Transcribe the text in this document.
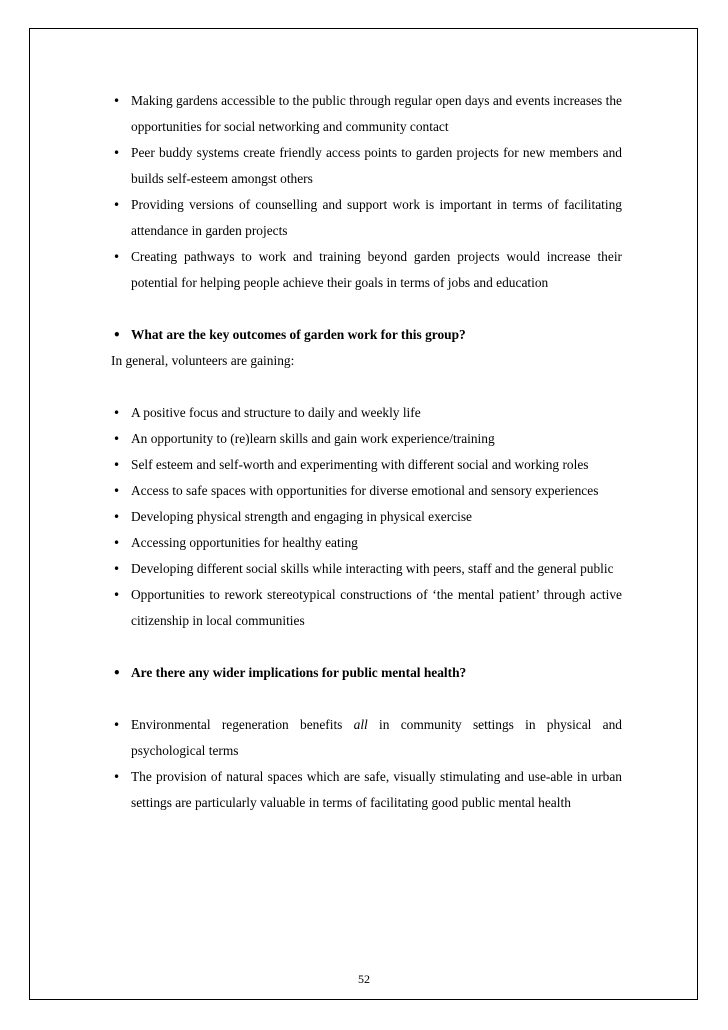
• Making gardens accessible to the public through regular open days and events increases the opportunities for social networking and community contact
• Peer buddy systems create friendly access points to garden projects for new members and builds self-esteem amongst others
• Providing versions of counselling and support work is important in terms of facilitating attendance in garden projects
• Creating pathways to work and training beyond garden projects would increase their potential for helping people achieve their goals in terms of jobs and education
• What are the key outcomes of garden work for this group?

In general, volunteers are gaining:

• A positive focus and structure to daily and weekly life
• An opportunity to (re)learn skills and gain work experience/training
• Self esteem and self-worth and experimenting with different social and working roles
• Access to safe spaces with opportunities for diverse emotional and sensory experiences
• Developing physical strength and engaging in physical exercise
• Accessing opportunities for healthy eating
• Developing different social skills while interacting with peers, staff and the general public
• Opportunities to rework stereotypical constructions of ‘the mental patient’ through active citizenship in local communities
• Are there any wider implications for public mental health?
• Environmental regeneration benefits all in community settings in physical and psychological terms
• The provision of natural spaces which are safe, visually stimulating and use-able in urban settings are particularly valuable in terms of facilitating good public mental health
52
